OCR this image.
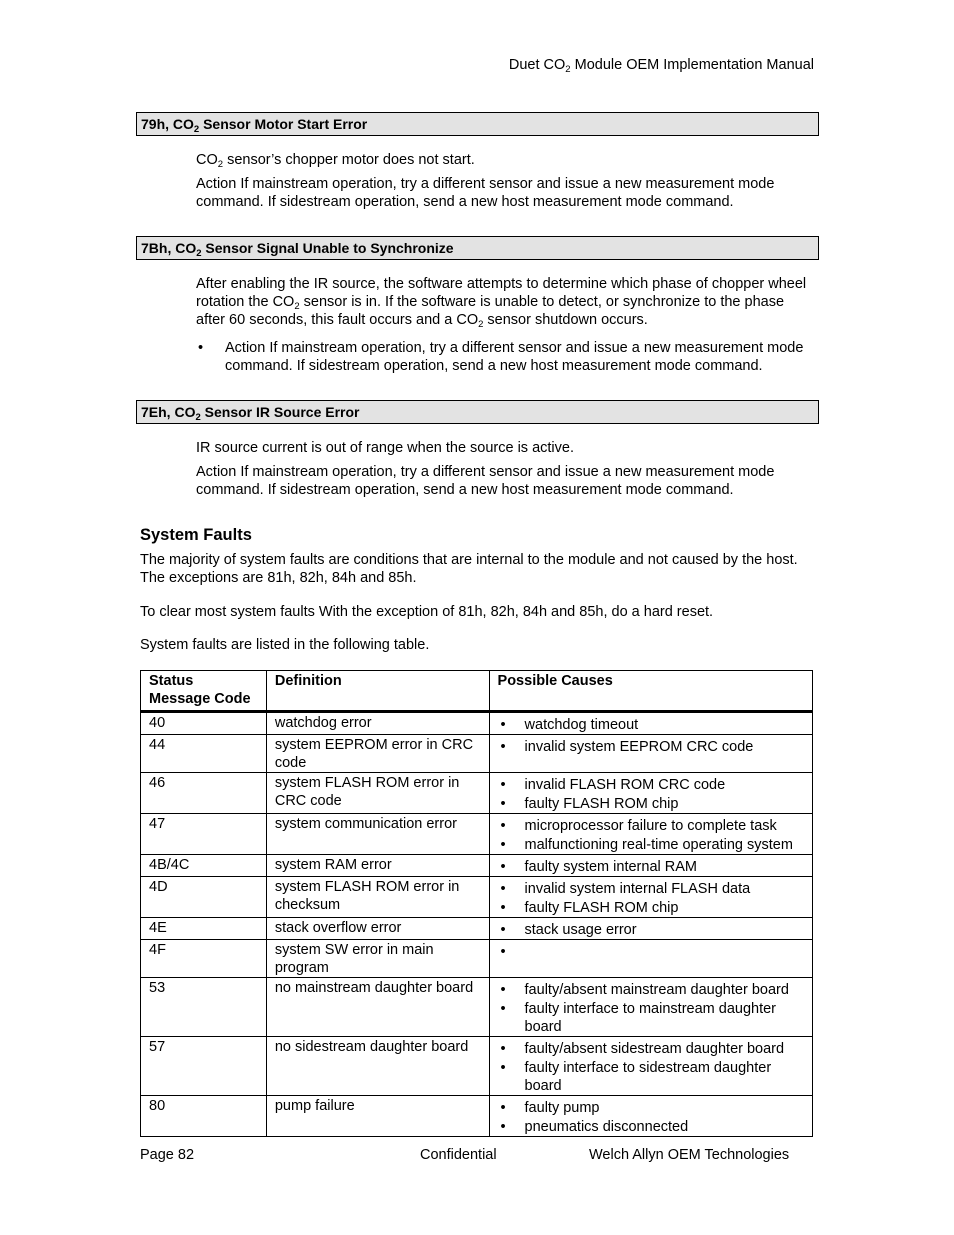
Duet $CO_2$ Module OEM Implementation Manual
79h, $CO_2$ Sensor Motor Start Error
$CO_2$ sensor’s chopper motor does not start.
Action If mainstream operation, try a different sensor and issue a new measurement mode command. If sidestream operation, send a new host measurement mode command.
7Bh, $CO_2$ Sensor Signal Unable to Synchronize
After enabling the IR source, the software attempts to determine which phase of chopper wheel rotation the $CO_2$ sensor is in. If the software is unable to detect, or synchronize to the phase after 60 seconds, this fault occurs and a $CO_2$ sensor shutdown occurs.
• Action If mainstream operation, try a different sensor and issue a new measurement mode command. If sidestream operation, send a new host measurement mode command.
7Eh, $CO_2$ Sensor IR Source Error
IR source current is out of range when the source is active.
Action If mainstream operation, try a different sensor and issue a new measurement mode command. If sidestream operation, send a new host measurement mode command.
System Faults
The majority of system faults are conditions that are internal to the module and not caused by the host. The exceptions are 81h, 82h, 84h and 85h.
To clear most system faults With the exception of 81h, 82h, 84h and 85h, do a hard reset.
System faults are listed in the following table.
Status Message Code	Definition	Possible Causes
40	watchdog error	• watchdog timeout

44	system EEPROM error in CRC code	• invalid system EEPROM CRC code

46	system FLASH ROM error in CRC code	• invalid FLASH ROM CRC code
• faulty FLASH ROM chip

47	system communication error	• microprocessor failure to complete task
• malfunctioning real-time operating system

4B/4C	system RAM error	• faulty system internal RAM

4D	system FLASH ROM error in checksum	• invalid system internal FLASH data
• faulty FLASH ROM chip

4E	stack overflow error	• stack usage error

4F	system SW error in main program	•

53	no mainstream daughter board	• faulty/absent mainstream daughter board
• faulty interface to mainstream daughter board

57	no sidestream daughter board	• faulty/absent sidestream daughter board
• faulty interface to sidestream daughter board

80	pump failure	• faulty pump
• pneumatics disconnected
Page 82	Confidential	Welch Allyn OEM Technologies
